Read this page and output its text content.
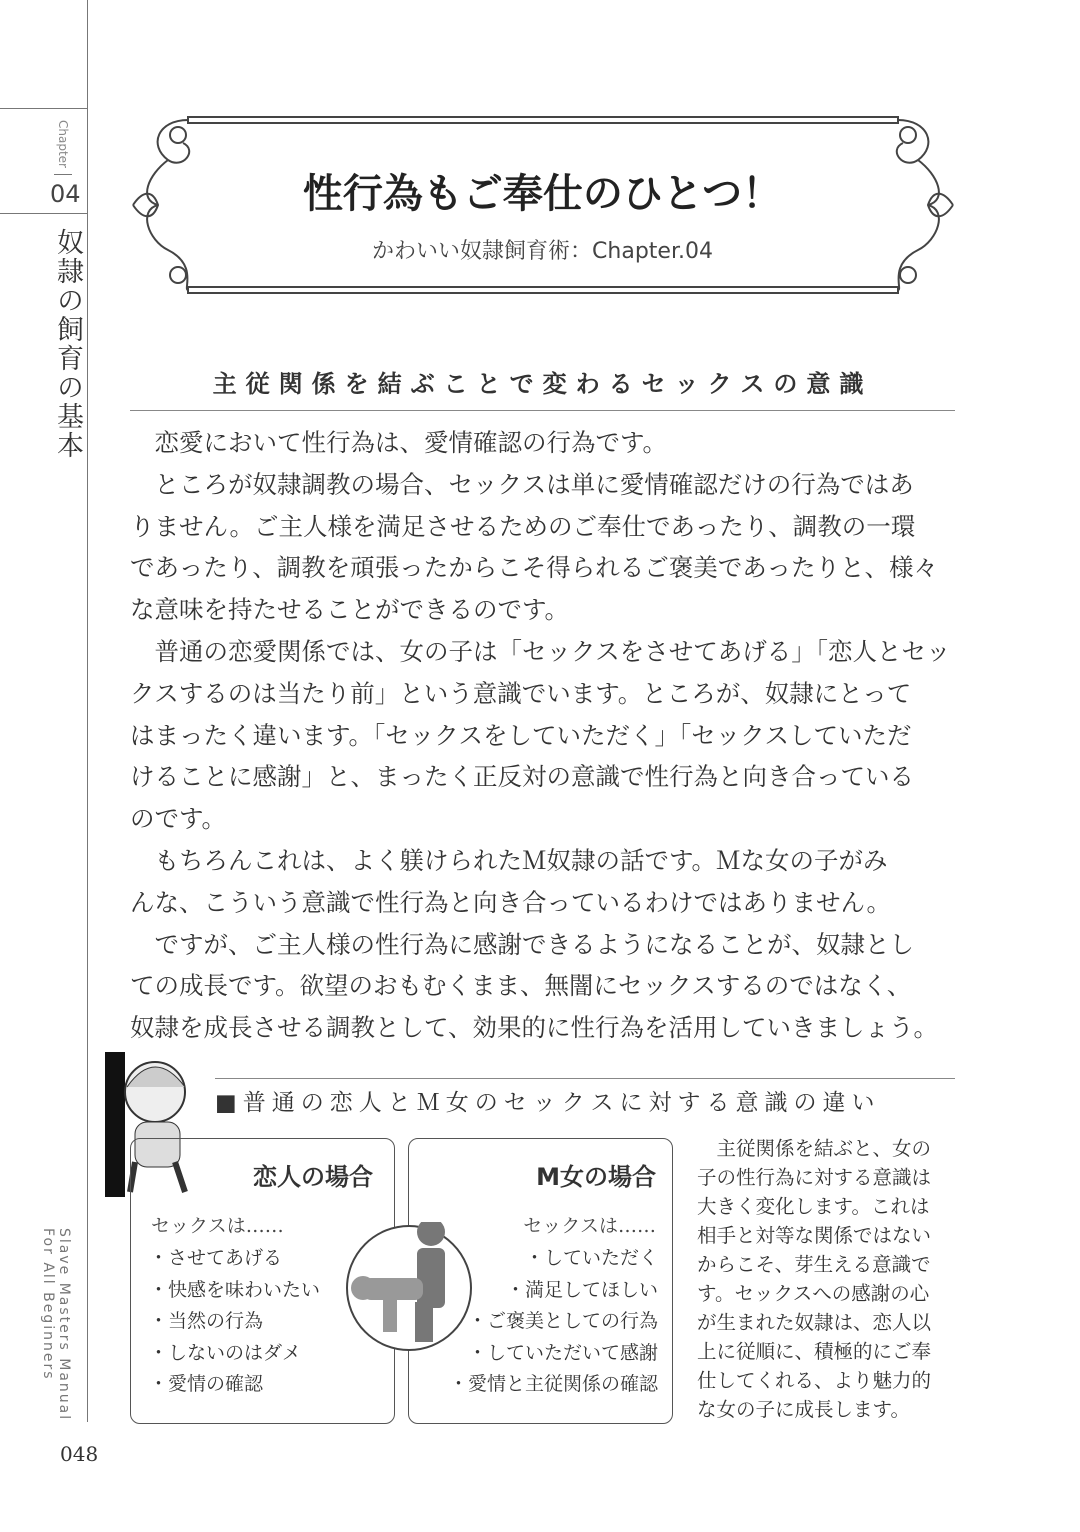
Chapter
04
奴隷の飼育の基本
Slave Masters Manual
For All Beginners
048
性行為もご奉仕のひとつ！
かわいい奴隷飼育術：Chapter.04
主従関係を結ぶことで変わるセックスの意識
　恋愛において性行為は、愛情確認の行為です。
　ところが奴隷調教の場合、セックスは単に愛情確認だけの行為ではあ
りません。ご主人様を満足させるためのご奉仕であったり、調教の一環
であったり、調教を頑張ったからこそ得られるご褒美であったりと、様々
な意味を持たせることができるのです。
　普通の恋愛関係では、女の子は「セックスをさせてあげる」「恋人とセッ
クスするのは当たり前」という意識でいます。ところが、奴隷にとって
はまったく違います。「セックスをしていただく」「セックスしていただ
けることに感謝」と、まったく正反対の意識で性行為と向き合っている
のです。
　もちろんこれは、よく躾けられたＭ奴隷の話です。Ｍな女の子がみ
んな、こういう意識で性行為と向き合っているわけではありません。
　ですが、ご主人様の性行為に感謝できるようになることが、奴隷とし
ての成長です。欲望のおもむくまま、無闇にセックスするのではなく、
奴隷を成長させる調教として、効果的に性行為を活用していきましょう。
■普通の恋人とＭ女のセックスに対する意識の違い
恋人の場合
セックスは……
・させてあげる
・快感を味わいたい
・当然の行為
・しないのはダメ
・愛情の確認
M女の場合
セックスは……
・していただく
・満足してほしい
・ご褒美としての行為
・していただいて感謝
・愛情と主従関係の確認
　主従関係を結ぶと、女の
子の性行為に対する意識は
大きく変化します。これは
相手と対等な関係ではない
からこそ、芽生える意識で
す。セックスへの感謝の心
が生まれた奴隷は、恋人以
上に従順に、積極的にご奉
仕してくれる、より魅力的
な女の子に成長します。
